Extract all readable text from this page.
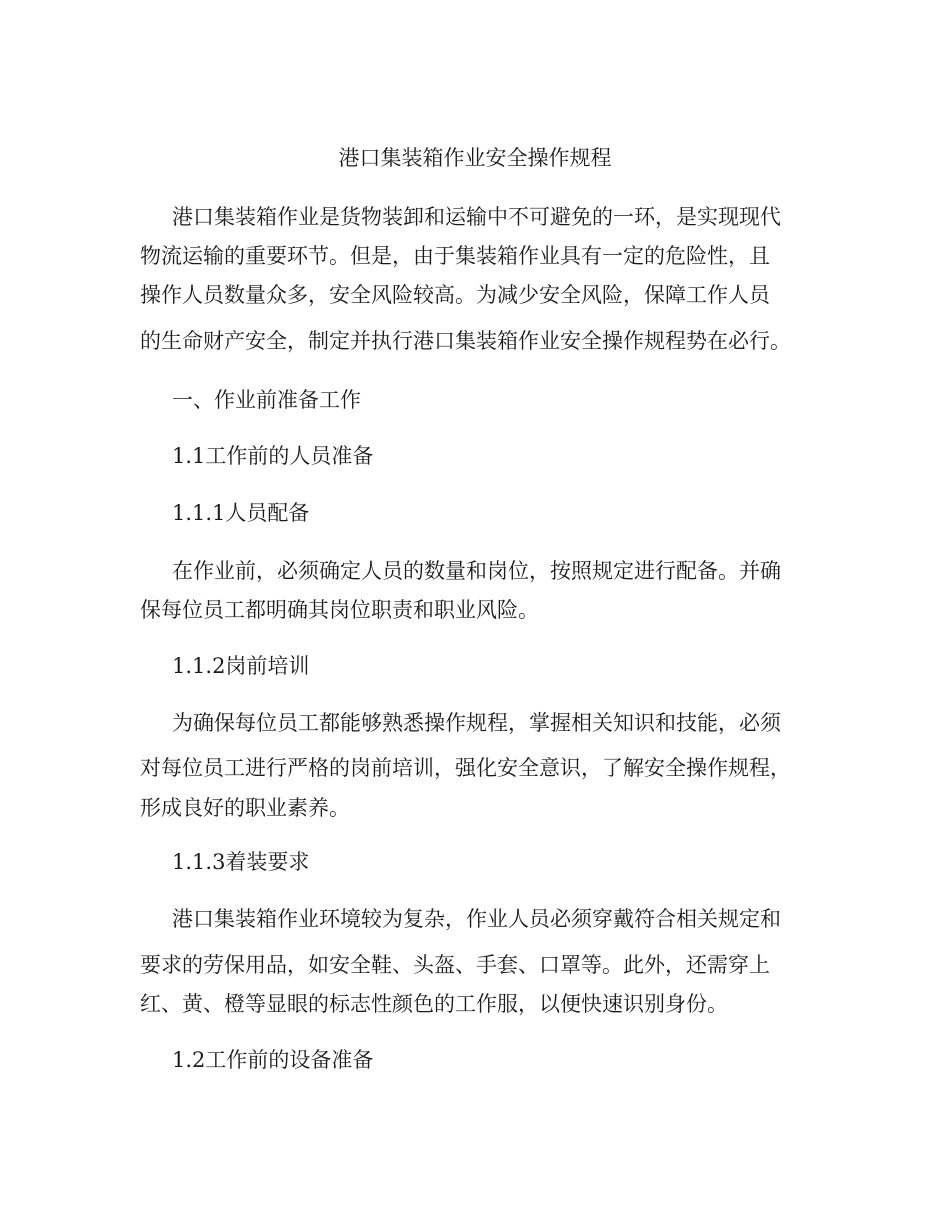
港口集装箱作业安全操作规程
港口集装箱作业是货物装卸和运输中不可避免的一环，是实现现代
物流运输的重要环节。但是，由于集装箱作业具有一定的危险性，且
操作人员数量众多，安全风险较高。为减少安全风险，保障工作人员
的生命财产安全，制定并执行港口集装箱作业安全操作规程势在必行。
一、作业前准备工作
1.1工作前的人员准备
1.1.1人员配备
在作业前，必须确定人员的数量和岗位，按照规定进行配备。并确
保每位员工都明确其岗位职责和职业风险。
1.1.2岗前培训
为确保每位员工都能够熟悉操作规程，掌握相关知识和技能，必须
对每位员工进行严格的岗前培训，强化安全意识，了解安全操作规程，
形成良好的职业素养。
1.1.3着装要求
港口集装箱作业环境较为复杂，作业人员必须穿戴符合相关规定和
要求的劳保用品，如安全鞋、头盔、手套、口罩等。此外，还需穿上
红、黄、橙等显眼的标志性颜色的工作服，以便快速识别身份。
1.2工作前的设备准备
